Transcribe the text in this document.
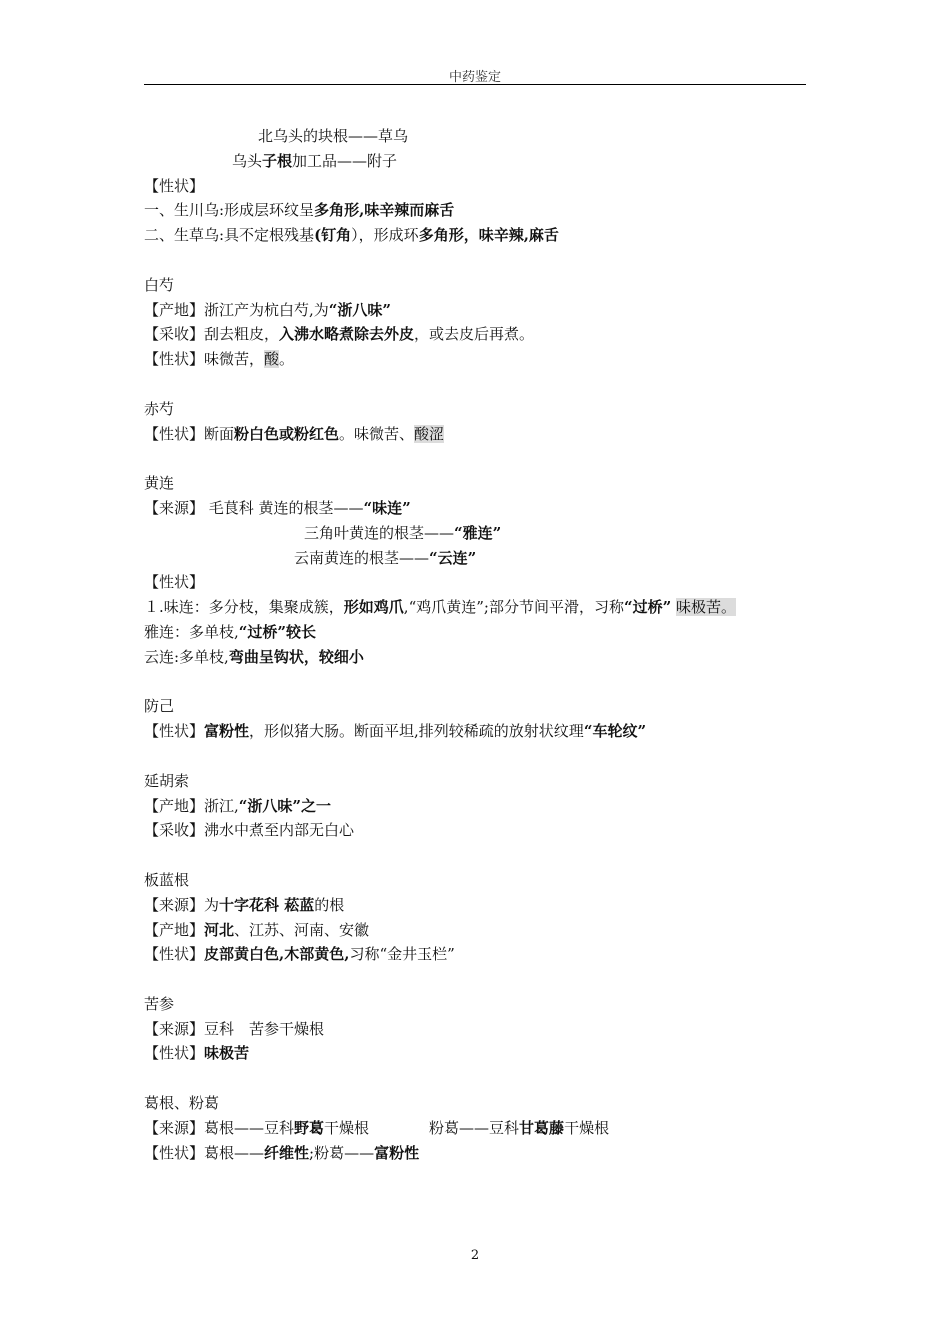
中药鉴定
北乌头的块根——草乌
乌头子根加工品——附子
【性状】
一、生川乌:形成层环纹呈多角形,味辛辣而麻舌
二、生草乌:具不定根残基(钉角），形成环多角形，味辛辣,麻舌
白芍
【产地】浙江产为杭白芍,为“浙八味”
【采收】刮去粗皮，入沸水略煮除去外皮，或去皮后再煮。
【性状】味微苦，酸。
赤芍
【性状】断面粉白色或粉红色。味微苦、酸涩
黄连
【来源】 毛茛科 黄连的根茎——“味连”
三角叶黄连的根茎——“雅连”
云南黄连的根茎——“云连”
【性状】
１.味连：多分枝，集聚成簇，形如鸡爪,“鸡爪黄连”;部分节间平滑，习称“过桥” 味极苦。
雅连：多单枝,“过桥”较长
云连:多单枝,弯曲呈钩状，较细小
防己
【性状】富粉性，形似猪大肠。断面平坦,排列较稀疏的放射状纹理“车轮纹”
延胡索
【产地】浙江,“浙八味”之一
【采收】沸水中煮至内部无白心
板蓝根
【来源】为十字花科 菘蓝的根
【产地】河北、江苏、河南、安徽
【性状】皮部黄白色,木部黄色,习称“金井玉栏”
苦参
【来源】豆科　苦参干燥根
【性状】味极苦
葛根、粉葛
【来源】葛根——豆科野葛干燥根　　　　粉葛——豆科甘葛藤干燥根
【性状】葛根——纤维性;粉葛——富粉性
2
